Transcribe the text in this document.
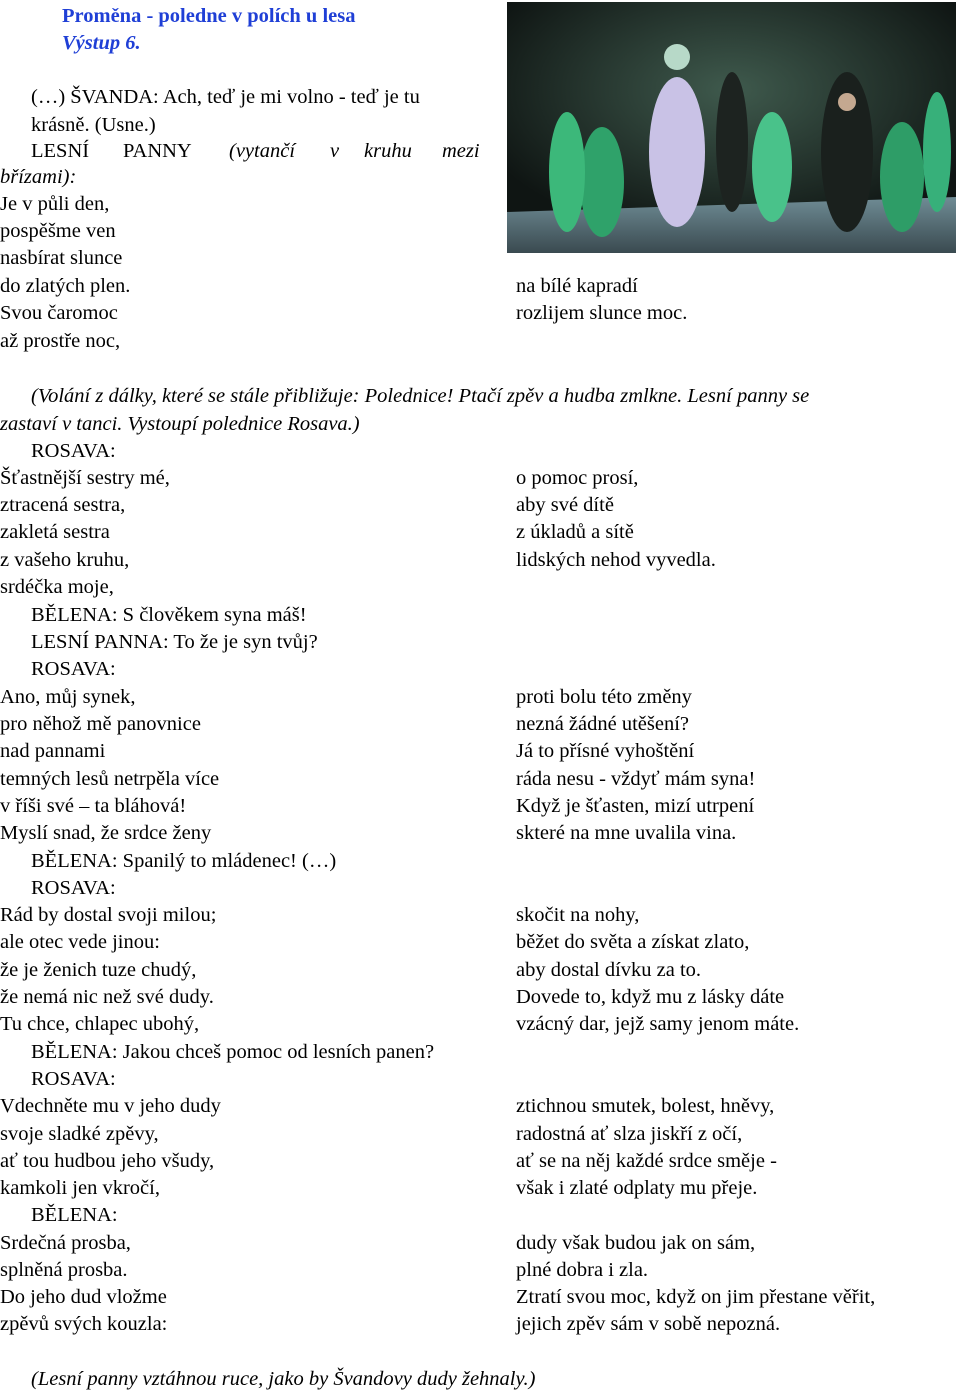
Proměna - poledne v polích u lesa
Výstup 6.
(…) ŠVANDA: Ach, teď je mi volno - teď je tu
krásně. (Usne.)
LESNÍ PANNY (vytančí v kruhu mezi
břízami):
Je v půli den,
pospěšme ven
nasbírat slunce
do zlatých plen.
Svou čaromoc
až prostře noc,
na bílé kapradí
rozlijem slunce moc.
(Volání z dálky, které se stále přibližuje: Polednice! Ptačí zpěv a hudba zmlkne. Lesní panny se
zastaví v tanci. Vystoupí polednice Rosava.)
ROSAVA:
Šťastnější sestry mé,
ztracená sestra,
zakletá sestra
z vašeho kruhu,
srdéčka moje,
o pomoc prosí,
aby své dítě
z úkladů a sítě
lidských nehod vyvedla.
BĚLENA: S člověkem syna máš!
LESNÍ PANNA: To že je syn tvůj?
ROSAVA:
Ano, můj synek,
pro něhož mě panovnice
nad pannami
temných lesů netrpěla více
v říši své – ta bláhová!
Myslí snad, že srdce ženy
proti bolu této změny
nezná žádné utěšení?
Já to přísné vyhoštění
ráda nesu - vždyť mám syna!
Když je šťasten, mizí utrpení
skteré na mne uvalila vina.
BĚLENA: Spanilý to mládenec! (…)
ROSAVA:
Rád by dostal svoji milou;
ale otec vede jinou:
že je ženich tuze chudý,
že nemá nic než své dudy.
Tu chce, chlapec ubohý,
skočit na nohy,
běžet do světa a získat zlato,
aby dostal dívku za to.
Dovede to, když mu z lásky dáte
vzácný dar, jejž samy jenom máte.
BĚLENA: Jakou chceš pomoc od lesních panen?
ROSAVA:
Vdechněte mu v jeho dudy
svoje sladké zpěvy,
ať tou hudbou jeho všudy,
kamkoli jen vkročí,
ztichnou smutek, bolest, hněvy,
radostná ať slza jiskří z očí,
ať se na něj každé srdce směje -
však i zlaté odplaty mu přeje.
BĚLENA:
Srdečná prosba,
splněná prosba.
Do jeho dud vložme
zpěvů svých kouzla:
dudy však budou jak on sám,
plné dobra i zla.
Ztratí svou moc, když on jim přestane věřit,
jejich zpěv sám v sobě nepozná.
(Lesní panny vztáhnou ruce, jako by Švandovy dudy žehnaly.)
